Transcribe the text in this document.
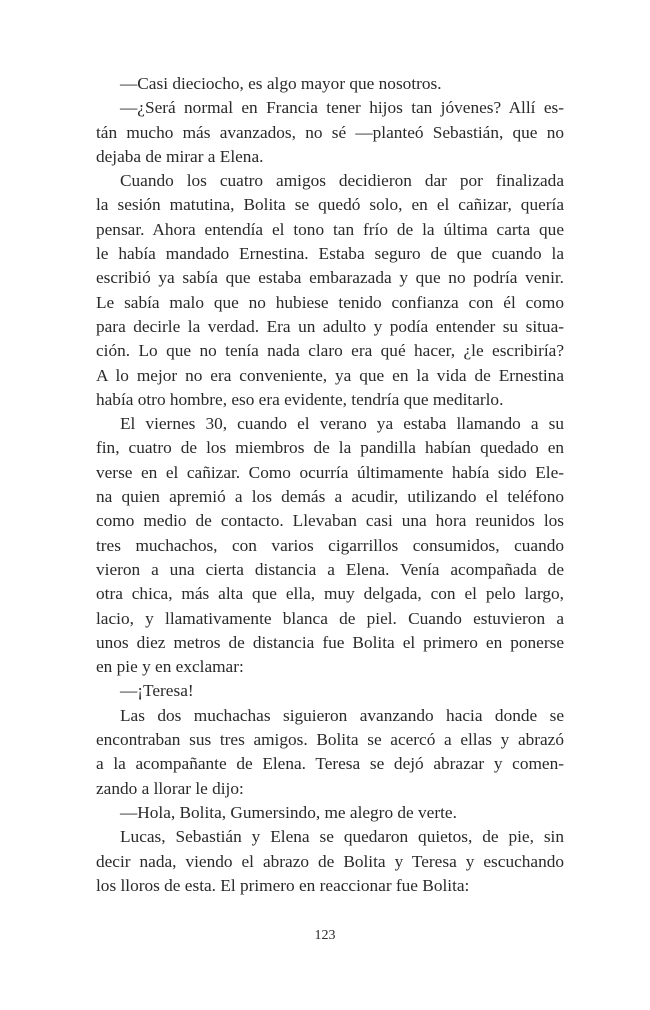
—Casi dieciocho, es algo mayor que nosotros.
—¿Será normal en Francia tener hijos tan jóvenes? Allí es-
tán mucho más avanzados, no sé —planteó Sebastián, que no
dejaba de mirar a Elena.
Cuando los cuatro amigos decidieron dar por finalizada
la sesión matutina, Bolita se quedó solo, en el cañizar, quería
pensar. Ahora entendía el tono tan frío de la última carta que
le había mandado Ernestina. Estaba seguro de que cuando la
escribió ya sabía que estaba embarazada y que no podría venir.
Le sabía malo que no hubiese tenido confianza con él como
para decirle la verdad. Era un adulto y podía entender su situa-
ción. Lo que no tenía nada claro era qué hacer, ¿le escribiría?
A lo mejor no era conveniente, ya que en la vida de Ernestina
había otro hombre, eso era evidente, tendría que meditarlo.
El viernes 30, cuando el verano ya estaba llamando a su
fin, cuatro de los miembros de la pandilla habían quedado en
verse en el cañizar. Como ocurría últimamente había sido Ele-
na quien apremió a los demás a acudir, utilizando el teléfono
como medio de contacto. Llevaban casi una hora reunidos los
tres muchachos, con varios cigarrillos consumidos, cuando
vieron a una cierta distancia a Elena. Venía acompañada de
otra chica, más alta que ella, muy delgada, con el pelo largo,
lacio, y llamativamente blanca de piel. Cuando estuvieron a
unos diez metros de distancia fue Bolita el primero en ponerse
en pie y en exclamar:
—¡Teresa!
Las dos muchachas siguieron avanzando hacia donde se
encontraban sus tres amigos. Bolita se acercó a ellas y abrazó
a la acompañante de Elena. Teresa se dejó abrazar y comen-
zando a llorar le dijo:
—Hola, Bolita, Gumersindo, me alegro de verte.
Lucas, Sebastián y Elena se quedaron quietos, de pie, sin
decir nada, viendo el abrazo de Bolita y Teresa y escuchando
los lloros de esta. El primero en reaccionar fue Bolita:
123
